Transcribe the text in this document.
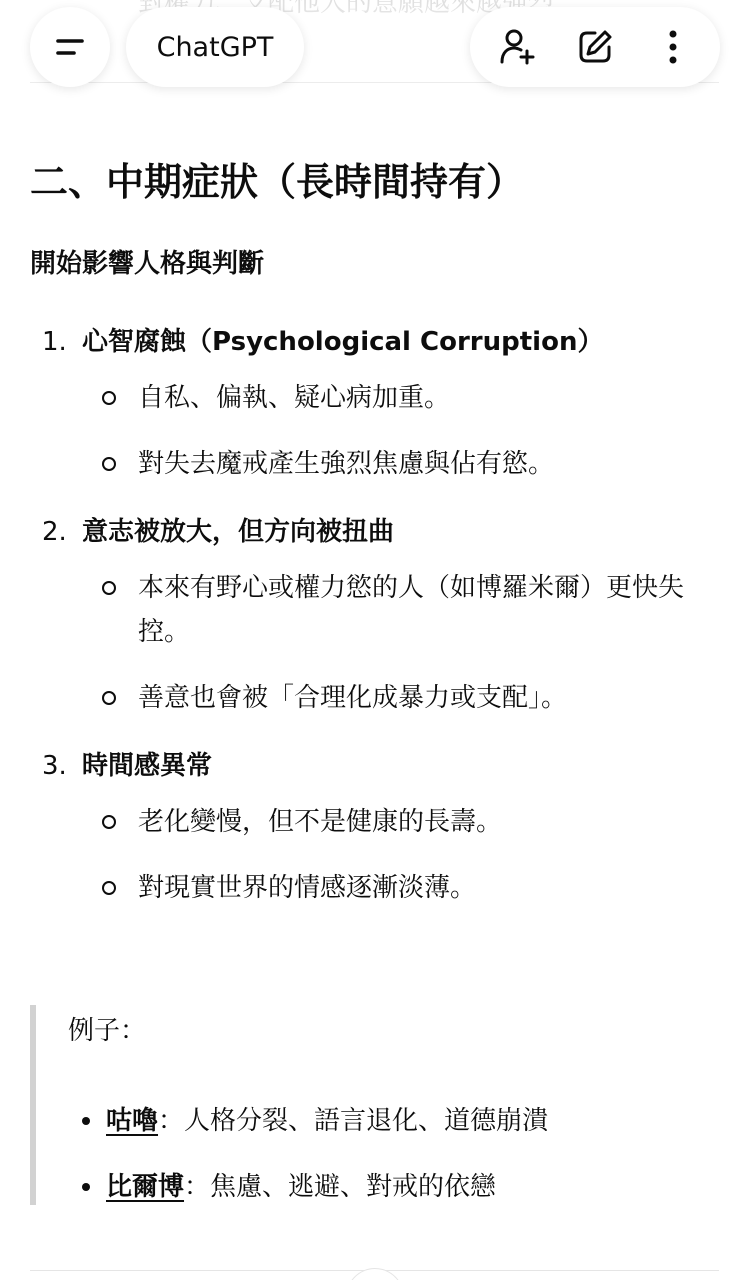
ChatGPT
二、中期症狀（長時間持有）
開始影響人格與判斷
1. 心智腐蝕（Psychological Corruption）
自私、偏執、疑心病加重。
對失去魔戒產生強烈焦慮與佔有慾。
2. 意志被放大，但方向被扭曲
本來有野心或權力慾的人（如博羅米爾）更快失控。
善意也會被「合理化成暴力或支配」。
3. 時間感異常
老化變慢，但不是健康的長壽。
對現實世界的情感逐漸淡薄。
例子：
咕嚕：人格分裂、語言退化、道德崩潰
比爾博：焦慮、逃避、對戒的依戀
